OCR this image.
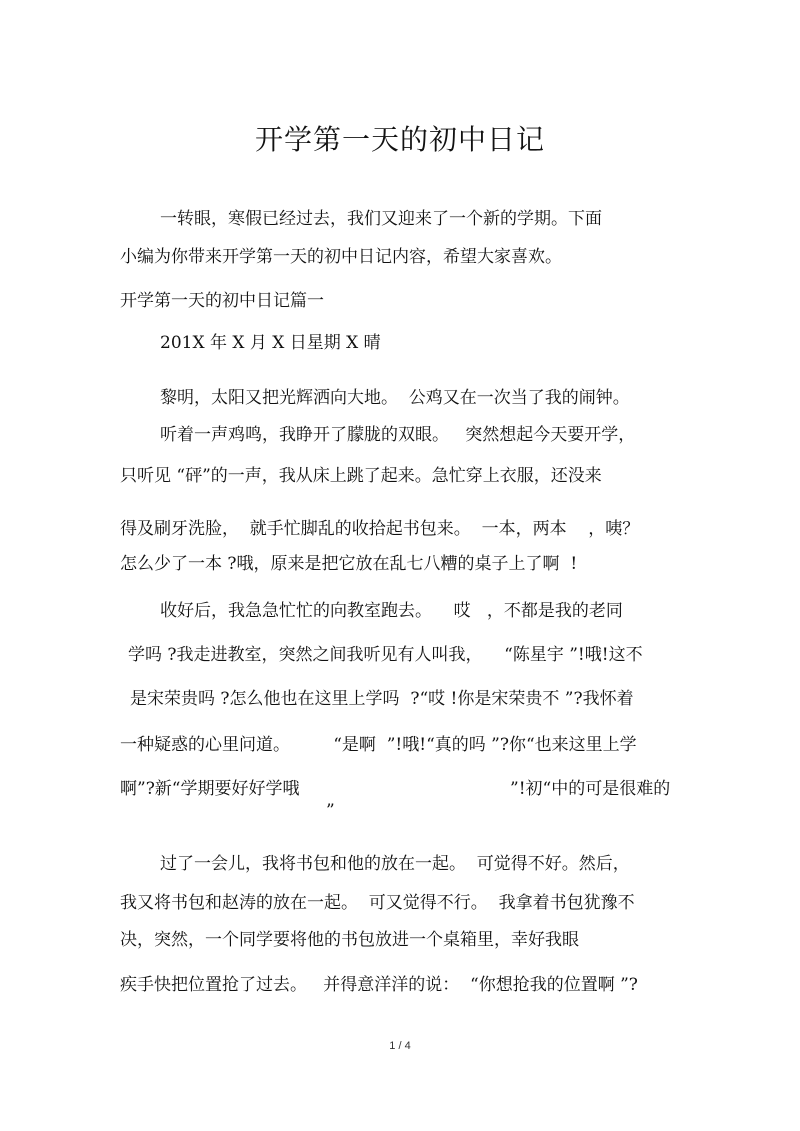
开学第一天的初中日记
一转眼，寒假已经过去，我们又迎来了一个新的学期。下面
小编为你带来开学第一天的初中日记内容，希望大家喜欢。
开学第一天的初中日记篇一
201X 年 X 月 X 日星期 X 晴
黎明，太阳又把光辉洒向大地。  公鸡又在一次当了我的闹钟。
听着一声鸡鸣，我睁开了朦胧的双眼。   突然想起今天要开学，
只听见 “砰”的一声，我从床上跳了起来。急忙穿上衣服，还没来
得及刷牙洗脸，  就手忙脚乱的收拾起书包来。  一本，两本    ，咦？
怎么少了一本 ?哦，原来是把它放在乱七八糟的桌子上了啊  !
收好后，我急急忙忙的向教室跑去。    哎   ，不都是我的老同
学吗 ?我走进教室，突然之间我听见有人叫我，    “陈星宇 ”!哦!这不
是宋荣贵吗 ?怎么他也在这里上学吗  ?“哎 !你是宋荣贵不 ”?我怀着
一种疑惑的心里问道。        “是啊  ”!哦!“真的吗 ”?你“也来这里上学
啊”?新“学期要好好学哦	”!初“中的可是很难的
”
过了一会儿，我将书包和他的放在一起。  可觉得不好。然后，
我又将书包和赵涛的放在一起。  可又觉得不行。  我拿着书包犹豫不
决，突然，一个同学要将他的书包放进一个桌箱里，幸好我眼
疾手快把位置抢了过去。   并得意洋洋的说：  “你想抢我的位置啊 ”?
1 / 4
